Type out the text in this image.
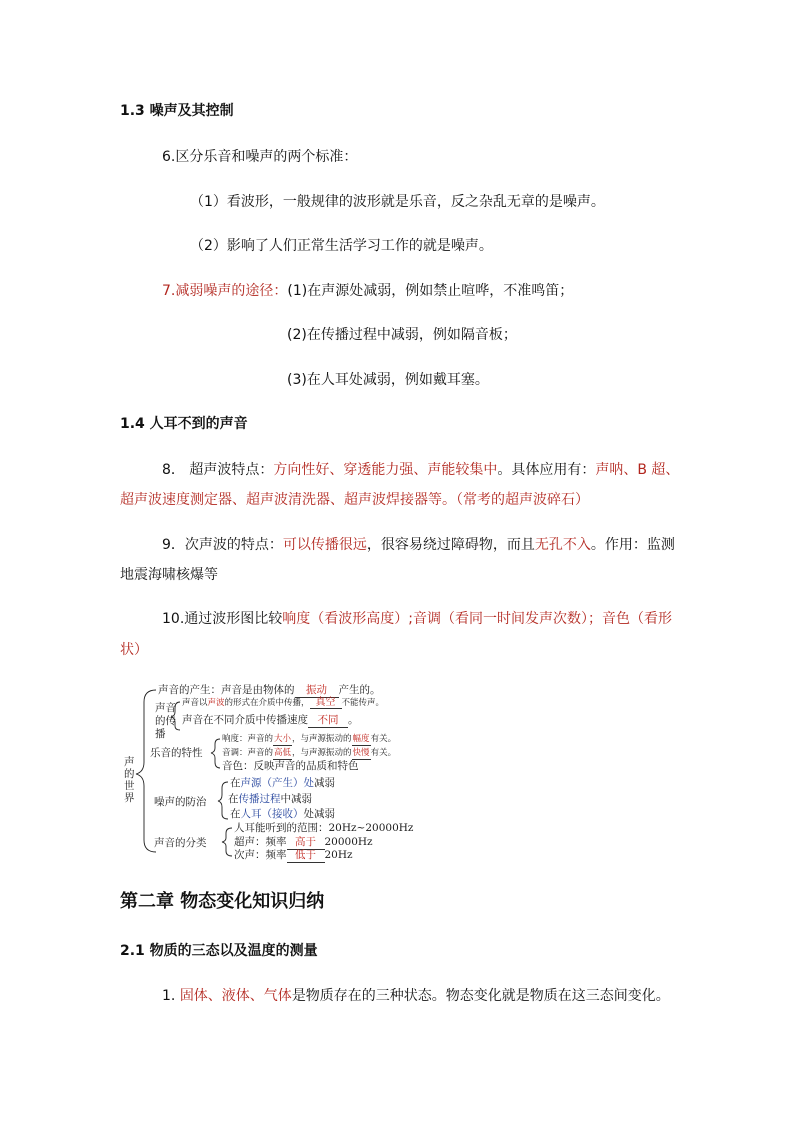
1.3 噪声及其控制
6.区分乐音和噪声的两个标准：
（1）看波形，一般规律的波形就是乐音，反之杂乱无章的是噪声。
（2）影响了人们正常生活学习工作的就是噪声。
7.减弱噪声的途径：(1)在声源处减弱，例如禁止喧哗，不准鸣笛；
(2)在传播过程中减弱，例如隔音板；
(3)在人耳处减弱，例如戴耳塞。
1.4 人耳不到的声音
8． 超声波特点：方向性好、穿透能力强、声能较集中。具体应用有：声呐、B 超、
超声波速度测定器、超声波清洗器、超声波焊接器等。（常考的超声波碎石）
9．次声波的特点：可以传播很远，很容易绕过障碍物，而且无孔不入。作用：监测
地震海啸核爆等
10.通过波形图比较响度（看波形高度）;音调（看同一时间发声次数）；音色（看形
状）
声的世界
声音的产生：声音是由物体的 振动 产生的。
声音的传播
声音以声波的形式在介质中传播， 真空 不能传声。
声音在不同介质中传播速度 不同 。
乐音的特性
响度：声音的大小，与声源振动的幅度有关。
音调：声音的高低，与声源振动的快慢有关。
音色：反映声音的品质和特色
噪声的防治
在声源（产生）处减弱
在传播过程中减弱
在人耳（接收）处减弱
声音的分类
人耳能听到的范围：20Hz~20000Hz
超声：频率 高于 20000Hz
次声：频率 低于 20Hz
第二章 物态变化知识归纳
2.1 物质的三态以及温度的测量
1. 固体、液体、气体是物质存在的三种状态。物态变化就是物质在这三态间变化。
